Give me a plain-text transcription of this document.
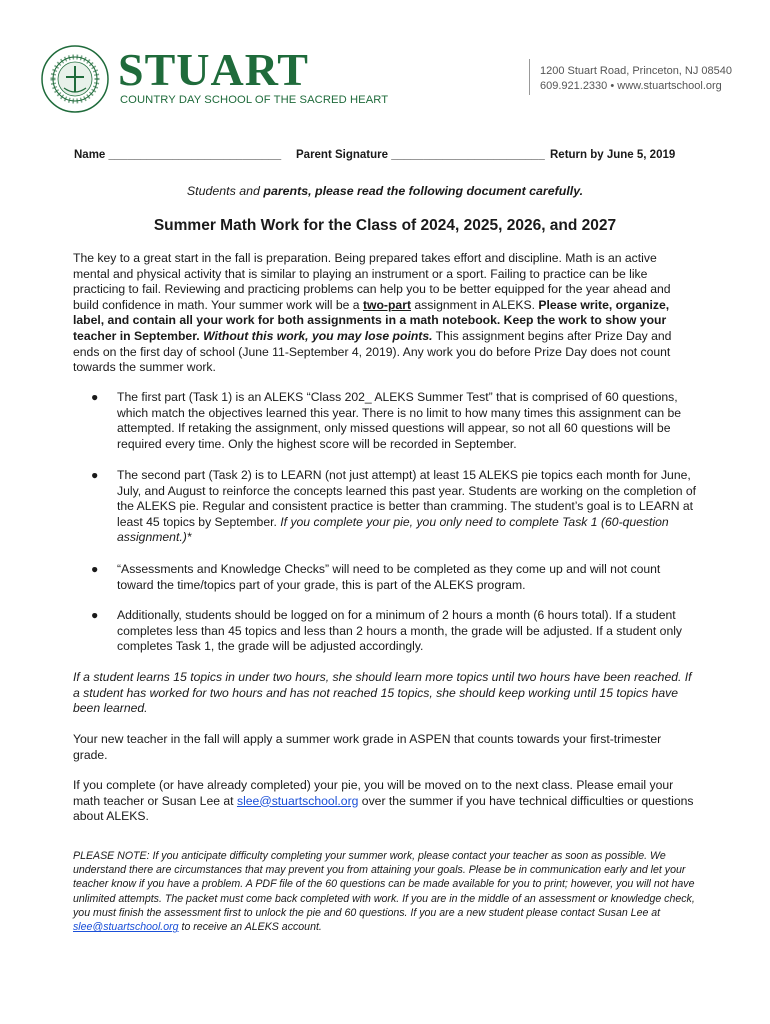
STUART
COUNTRY DAY SCHOOL OF THE SACRED HEART
1200 Stuart Road, Princeton, NJ 08540
609.921.2330 • www.stuartschool.org
Name ___________________________ Parent Signature ________________________ Return by June 5, 2019
Students and parents, please read the following document carefully.
Summer Math Work for the Class of 2024, 2025, 2026, and 2027
The key to a great start in the fall is preparation. Being prepared takes effort and discipline. Math is an active mental and physical activity that is similar to playing an instrument or a sport. Failing to practice can be like practicing to fail. Reviewing and practicing problems can help you to be better equipped for the year ahead and build confidence in math. Your summer work will be a two-part assignment in ALEKS. Please write, organize, label, and contain all your work for both assignments in a math notebook. Keep the work to show your teacher in September. Without this work, you may lose points. This assignment begins after Prize Day and ends on the first day of school (June 11-September 4, 2019). Any work you do before Prize Day does not count towards the summer work.
● The first part (Task 1) is an ALEKS “Class 202_ ALEKS Summer Test” that is comprised of 60 questions, which match the objectives learned this year. There is no limit to how many times this assignment can be attempted. If retaking the assignment, only missed questions will appear, so not all 60 questions will be required every time. Only the highest score will be recorded in September.
● The second part (Task 2) is to LEARN (not just attempt) at least 15 ALEKS pie topics each month for June, July, and August to reinforce the concepts learned this past year. Students are working on the completion of the ALEKS pie. Regular and consistent practice is better than cramming. The student’s goal is to LEARN at least 45 topics by September. If you complete your pie, you only need to complete Task 1 (60-question assignment.)*
● “Assessments and Knowledge Checks” will need to be completed as they come up and will not count toward the time/topics part of your grade, this is part of the ALEKS program.
● Additionally, students should be logged on for a minimum of 2 hours a month (6 hours total). If a student completes less than 45 topics and less than 2 hours a month, the grade will be adjusted. If a student only completes Task 1, the grade will be adjusted accordingly.
If a student learns 15 topics in under two hours, she should learn more topics until two hours have been reached. If a student has worked for two hours and has not reached 15 topics, she should keep working until 15 topics have been learned.
Your new teacher in the fall will apply a summer work grade in ASPEN that counts towards your first-trimester grade.
If you complete (or have already completed) your pie, you will be moved on to the next class. Please email your math teacher or Susan Lee at slee@stuartschool.org over the summer if you have technical difficulties or questions about ALEKS.
PLEASE NOTE: If you anticipate difficulty completing your summer work, please contact your teacher as soon as possible. We understand there are circumstances that may prevent you from attaining your goals. Please be in communication early and let your teacher know if you have a problem. A PDF file of the 60 questions can be made available for you to print; however, you will not have unlimited attempts. The packet must come back completed with work. If you are in the middle of an assessment or knowledge check, you must finish the assessment first to unlock the pie and 60 questions. If you are a new student please contact Susan Lee at slee@stuartschool.org to receive an ALEKS account.
